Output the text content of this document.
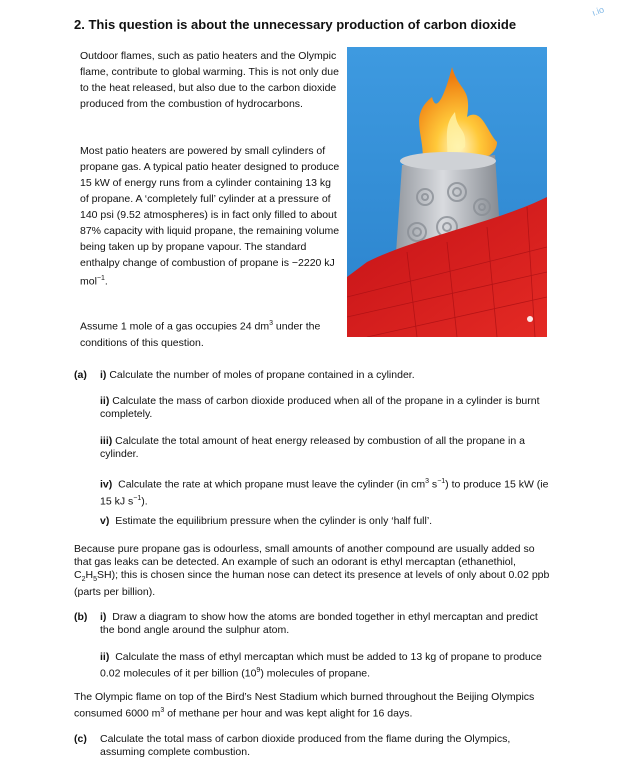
ı.io
2. This question is about the unnecessary production of carbon dioxide
Outdoor flames, such as patio heaters and the Olympic flame, contribute to global warming. This is not only due to the heat released, but also due to the carbon dioxide produced from the combustion of hydrocarbons.
Most patio heaters are powered by small cylinders of propane gas. A typical patio heater designed to produce 15 kW of energy runs from a cylinder containing 13 kg of propane. A ‘completely full’ cylinder at a pressure of 140 psi (9.52 atmospheres) is in fact only filled to about 87% capacity with liquid propane, the remaining volume being taken up by propane vapour. The standard enthalpy change of combustion of propane is −2220 kJ mol$^{-1}$.
Assume 1 mole of a gas occupies 24 $dm^3$ under the conditions of this question.
(a) i) Calculate the number of moles of propane contained in a cylinder.
ii) Calculate the mass of carbon dioxide produced when all of the propane in a cylinder is burnt completely.
iii) Calculate the total amount of heat energy released by combustion of all the propane in a cylinder.
iv) Calculate the rate at which propane must leave the cylinder (in $cm^3$ $s^{-1}$) to produce 15 kW (ie 15 kJ $s^{-1}$).
v) Estimate the equilibrium pressure when the cylinder is only ‘half full’.
Because pure propane gas is odourless, small amounts of another compound are usually added so that gas leaks can be detected. An example of such an odorant is ethyl mercaptan (ethanethiol, $C_2H_5SH$); this is chosen since the human nose can detect its presence at levels of only about 0.02 ppb (parts per billion).
(b) i) Draw a diagram to show how the atoms are bonded together in ethyl mercaptan and predict the bond angle around the sulphur atom.
ii) Calculate the mass of ethyl mercaptan which must be added to 13 kg of propane to produce 0.02 molecules of it per billion $(10^9)$ molecules of propane.
The Olympic flame on top of the Bird’s Nest Stadium which burned throughout the Beijing Olympics consumed 6000 $m^3$ of methane per hour and was kept alight for 16 days.
(c) Calculate the total mass of carbon dioxide produced from the flame during the Olympics, assuming complete combustion.
